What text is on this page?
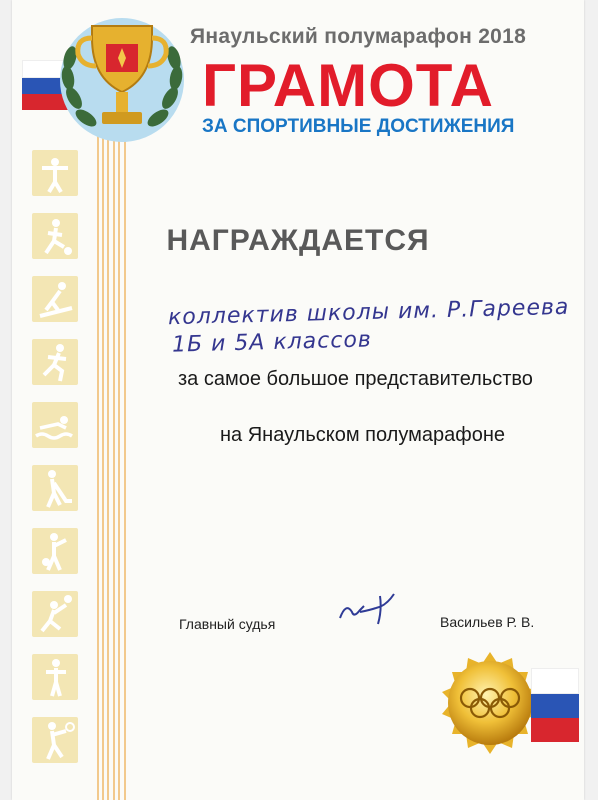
Янаульский полумарафон 2018
ГРАМОТА
ЗА СПОРТИВНЫЕ ДОСТИЖЕНИЯ
НАГРАЖДАЕТСЯ
коллектив школы им. Р.Гареева
1Б и 5А классов
за самое большое представительство
на Янаульском полумарафоне
Главный судья	Васильев Р. В.
